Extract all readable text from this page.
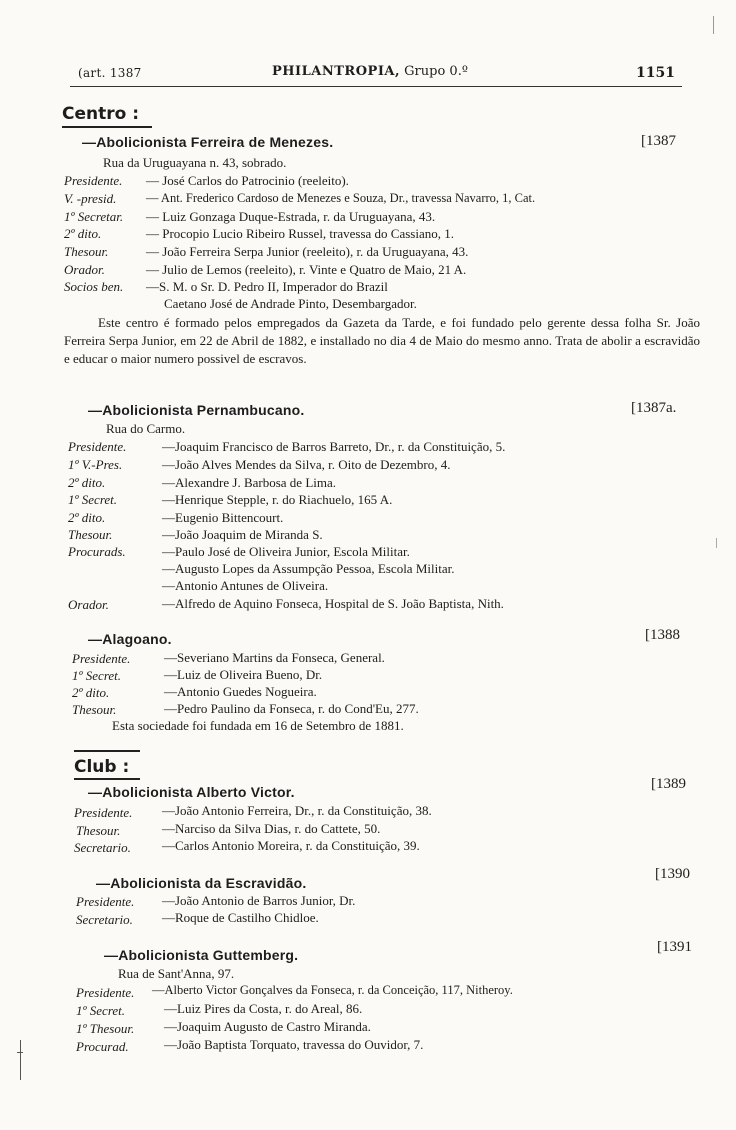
(art. 1387	PHILANTROPIA, Grupo 0.º	1151
Centro :
—Abolicionista Ferreira de Menezes.	[1387
Rua da Uruguayana n. 43, sobrado.
Presidente. — José Carlos do Patrocinio (reeleito).
V. -presid. — Ant. Frederico Cardoso de Menezes e Souza, Dr., travessa Navarro, 1, Cat.
1º Secretar. — Luiz Gonzaga Duque-Estrada, r. da Uruguayana, 43.
2º dito.	— Procopio Lucio Ribeiro Russel, travessa do Cassiano, 1.
Thesour.	— João Ferreira Serpa Junior (reeleito), r. da Uruguayana, 43.
Orador.	— Julio de Lemos (reeleito), r. Vinte e Quatro de Maio, 21 A.
Socios ben. —S. M. o Sr. D. Pedro II, Imperador do Brazil
Caetano José de Andrade Pinto, Desembargador.
Este centro é formado pelos empregados da Gazeta da Tarde, e foi fundado pelo gerente dessa folha Sr. João Ferreira Serpa Junior, em 22 de Abril de 1882, e installado no dia 4 de Maio do mesmo anno. Trata de abolir a escravidão e educar o maior numero possivel de escravos.
—Abolicionista Pernambucano.	[1387a.
Rua do Carmo.
Presidente.	—Joaquim Francisco de Barros Barreto, Dr., r. da Constituição, 5.
1º V.-Pres.	—João Alves Mendes da Silva, r. Oito de Dezembro, 4.
2º dito.	—Alexandre J. Barbosa de Lima.
1º Secret.	—Henrique Stepple, r. do Riachuelo, 165 A.
2º dito.	—Eugenio Bittencourt.
Thesour.	—João Joaquim de Miranda S.
Procurads.	—Paulo José de Oliveira Junior, Escola Militar.
—Augusto Lopes da Assumpção Pessoa, Escola Militar.
—Antonio Antunes de Oliveira.
Orador.	—Alfredo de Aquino Fonseca, Hospital de S. João Baptista, Nith.
—Alagoano.	[1388
Presidente.	—Severiano Martins da Fonseca, General.
1º Secret.	—Luiz de Oliveira Bueno, Dr.
2º dito.	—Antonio Guedes Nogueira.
Thesour.	—Pedro Paulino da Fonseca, r. do Cond'Eu, 277.
Esta sociedade foi fundada em 16 de Setembro de 1881.
Club :
—Abolicionista Alberto Victor.	[1389
Presidente. —João Antonio Ferreira, Dr., r. da Constituição, 38.
Thesour.	—Narciso da Silva Dias, r. do Cattete, 50.
Secretario. —Carlos Antonio Moreira, r. da Constituição, 39.
—Abolicionista da Escravidão.
[1390
Presidente. —João Antonio de Barros Junior, Dr.
Secretario. —Roque de Castilho Chidloe.
—Abolicionista Guttemberg.	[1391
Rua de Sant'Anna, 97.
Presidente. —Alberto Victor Gonçalves da Fonseca, r. da Conceição, 117, Nitheroy.
1º Secret.	—Luiz Pires da Costa, r. do Areal, 86.
1º Thesour. —Joaquim Augusto de Castro Miranda.
Procurad.	—João Baptista Torquato, travessa do Ouvidor, 7.
